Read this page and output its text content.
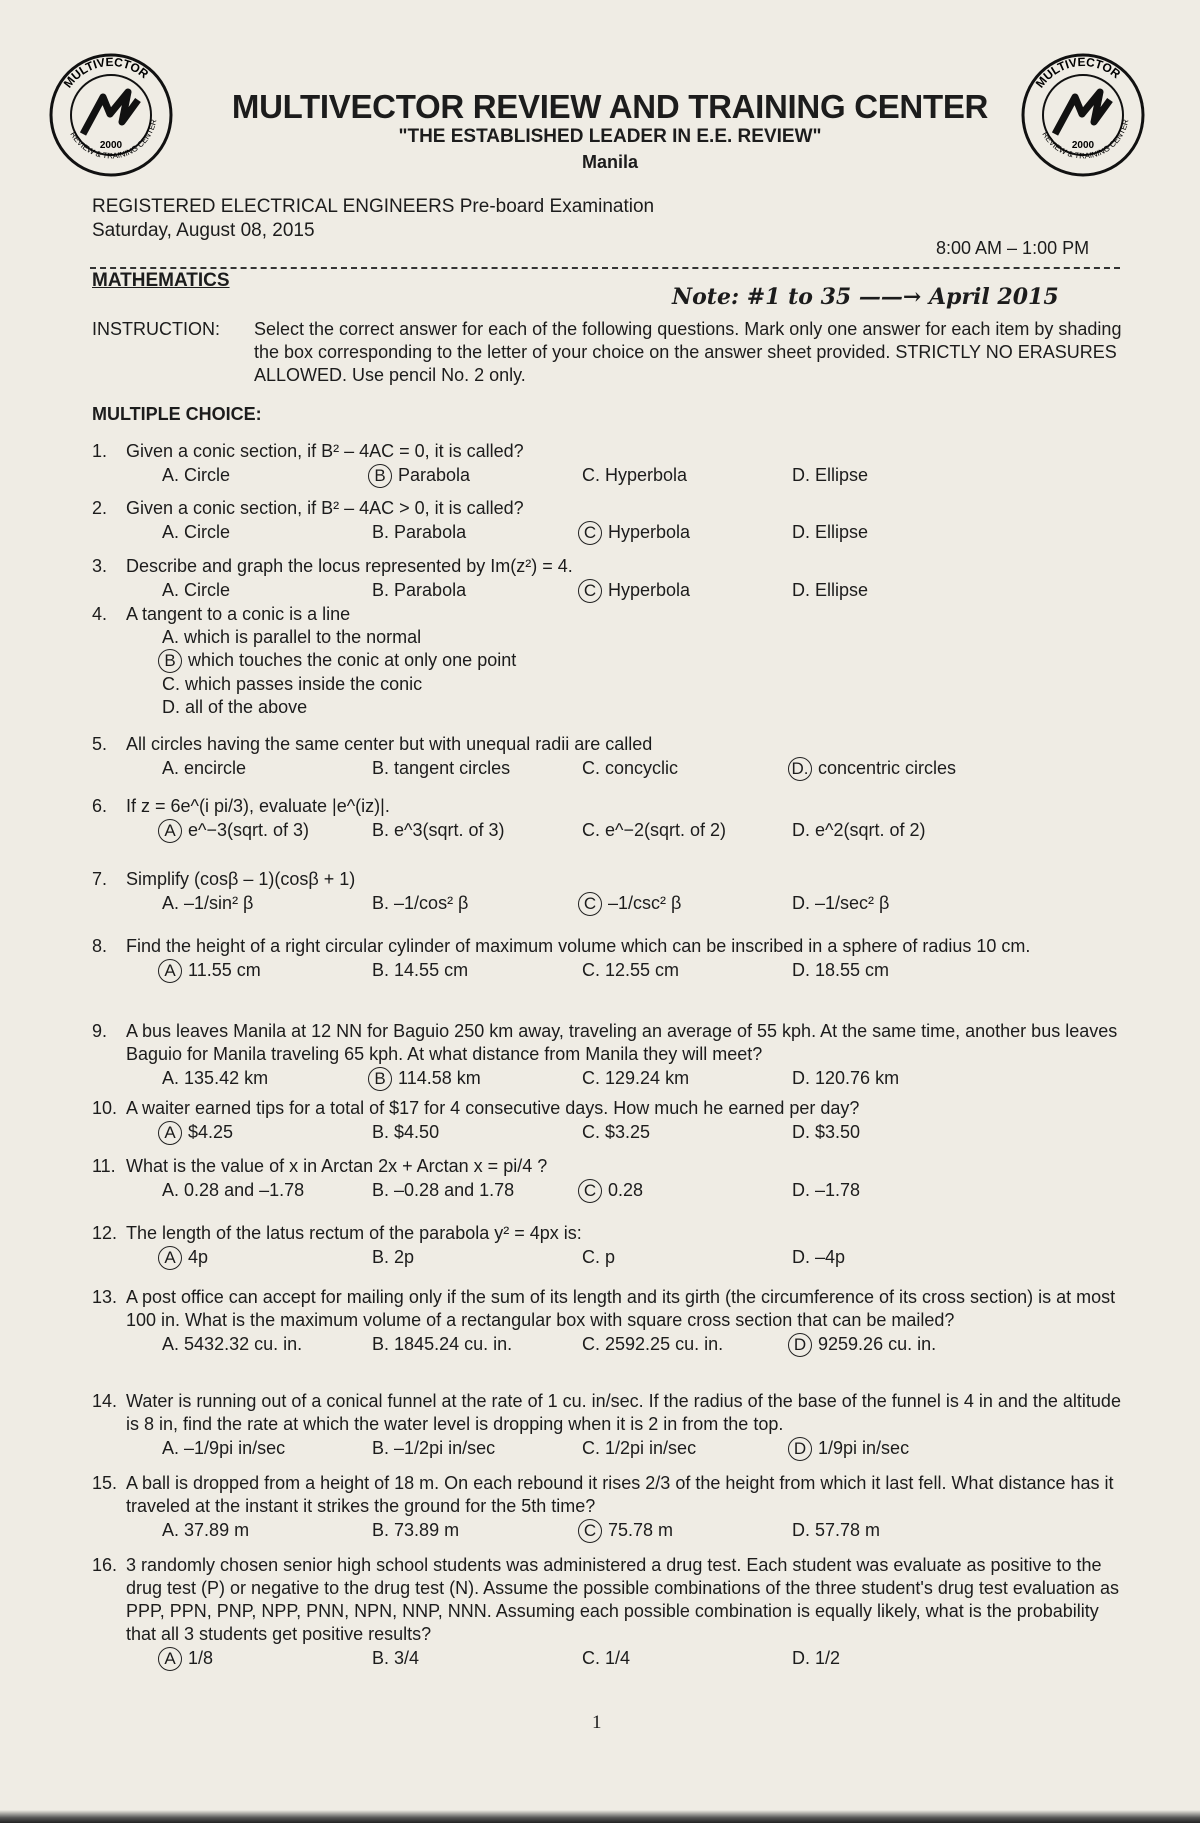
MULTIVECTOR
REVIEW & TRAINING CENTER
2000
MULTIVECTOR
REVIEW & TRAINING CENTER
2000
MULTIVECTOR REVIEW AND TRAINING CENTER
"THE ESTABLISHED LEADER IN E.E. REVIEW"
Manila
REGISTERED ELECTRICAL ENGINEERS Pre-board Examination
Saturday, August 08, 2015
8:00 AM – 1:00 PM
MATHEMATICS
Note: #1 to 35 ——→ April 2015
INSTRUCTION: Select the correct answer for each of the following questions. Mark only one answer for each item by shading the box corresponding to the letter of your choice on the answer sheet provided. STRICTLY NO ERASURES ALLOWED. Use pencil No. 2 only.
MULTIPLE CHOICE:
1.	Given a conic section, if B² – 4AC = 0, it is called?
A. Circle	B Parabola	C. Hyperbola	D. Ellipse
2.	Given a conic section, if B² – 4AC > 0, it is called?
A. Circle	B. Parabola	C Hyperbola	D. Ellipse
3.	Describe and graph the locus represented by Im(z²) = 4.
A. Circle	B. Parabola	C Hyperbola	D. Ellipse
4.	A tangent to a conic is a line
A. which is parallel to the normal
B which touches the conic at only one point
C. which passes inside the conic
D. all of the above
5.	All circles having the same center but with unequal radii are called
A. encircle	B. tangent circles	C. concyclic	D. concentric circles
6.	If z = 6e^(i pi/3), evaluate |e^(iz)|.
A e^−3(sqrt. of 3)	B. e^3(sqrt. of 3)	C. e^−2(sqrt. of 2)	D. e^2(sqrt. of 2)
7.	Simplify (cosβ – 1)(cosβ + 1)
A. –1/sin² β	B. –1/cos² β	C –1/csc² β	D. –1/sec² β
8.	Find the height of a right circular cylinder of maximum volume which can be inscribed in a sphere of radius 10 cm.
A 11.55 cm	B. 14.55 cm	C. 12.55 cm	D. 18.55 cm
9.	A bus leaves Manila at 12 NN for Baguio 250 km away, traveling an average of 55 kph. At the same time, another bus leaves Baguio for Manila traveling 65 kph. At what distance from Manila they will meet?
A. 135.42 km	B 114.58 km	C. 129.24 km	D. 120.76 km
10. A waiter earned tips for a total of $17 for 4 consecutive days. How much he earned per day?
A $4.25	B. $4.50	C. $3.25	D. $3.50
11. What is the value of x in Arctan 2x + Arctan x = pi/4 ?
A. 0.28 and –1.78	B. –0.28 and 1.78	C 0.28	D. –1.78
12. The length of the latus rectum of the parabola y² = 4px is:
A 4p	B. 2p	C. p	D. –4p
13. A post office can accept for mailing only if the sum of its length and its girth (the circumference of its cross section) is at most 100 in. What is the maximum volume of a rectangular box with square cross section that can be mailed?
A. 5432.32 cu. in.	B. 1845.24 cu. in.	C. 2592.25 cu. in.	D 9259.26 cu. in.
14. Water is running out of a conical funnel at the rate of 1 cu. in/sec. If the radius of the base of the funnel is 4 in and the altitude is 8 in, find the rate at which the water level is dropping when it is 2 in from the top.
A. –1/9pi in/sec	B. –1/2pi in/sec	C. 1/2pi in/sec	D 1/9pi in/sec
15. A ball is dropped from a height of 18 m. On each rebound it rises 2/3 of the height from which it last fell. What distance has it traveled at the instant it strikes the ground for the 5th time?
A. 37.89 m	B. 73.89 m	C 75.78 m	D. 57.78 m
16. 3 randomly chosen senior high school students was administered a drug test. Each student was evaluate as positive to the drug test (P) or negative to the drug test (N). Assume the possible combinations of the three student's drug test evaluation as PPP, PPN, PNP, NPP, PNN, NPN, NNP, NNN. Assuming each possible combination is equally likely, what is the probability that all 3 students get positive results?
A 1/8	B. 3/4	C. 1/4	D. 1/2
1
